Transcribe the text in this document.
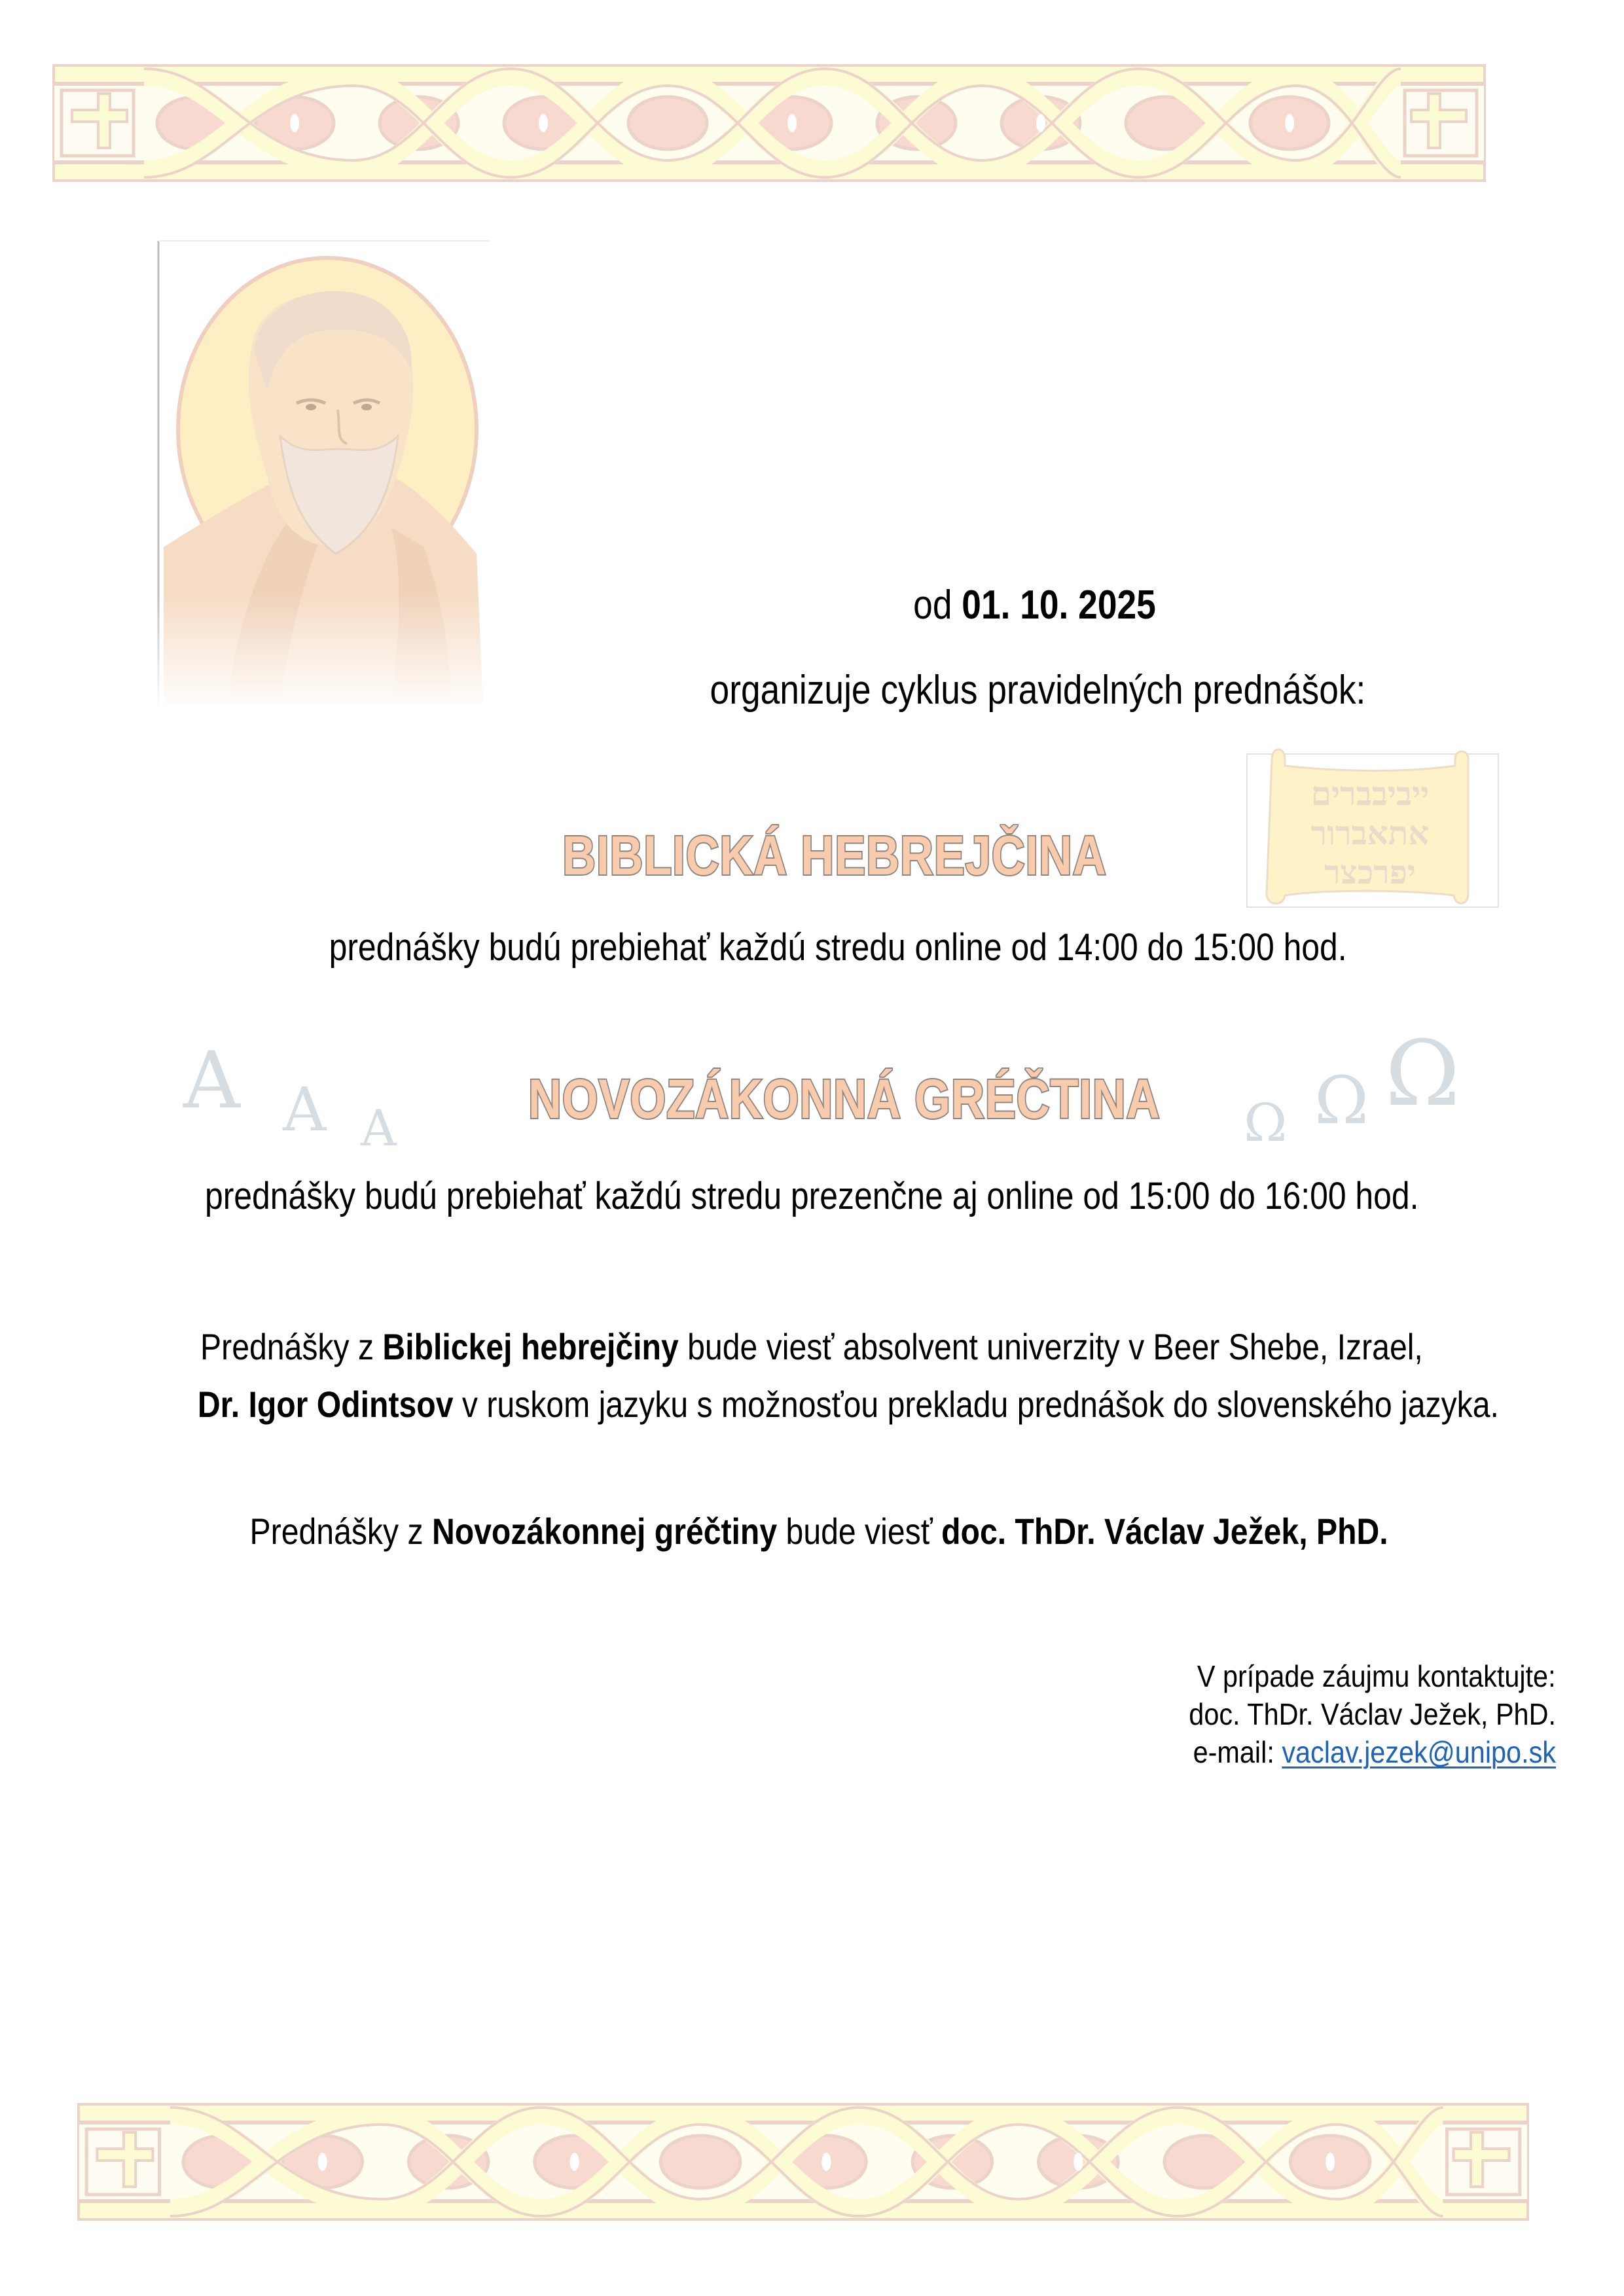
KATEDRA CIRKEVNÝCH DEJÍN
A BYZANTOLÓGIE
PBF PU V PREŠOVE
od 01. 10. 2025
organizuje cyklus pravidelných prednášok:
ייביבברים
אתאברור
יפרכצר
BIBLICKÁ HEBREJČINA
prednášky budú prebiehať každú stredu online od 14:00 do 15:00 hod.
A A A	NOVOZÁKONNÁ GRÉČTINA	Ω Ω Ω
prednášky budú prebiehať každú stredu prezenčne aj online od 15:00 do 16:00 hod.
Prednášky z Biblickej hebrejčiny bude viesť absolvent univerzity v Beer Shebe, Izrael,
Dr. Igor Odintsov v ruskom jazyku s možnosťou prekladu prednášok do slovenského jazyka.
Prednášky z Novozákonnej gréčtiny bude viesť doc. ThDr. Václav Ježek, PhD.
V prípade záujmu kontaktujte:
doc. ThDr. Václav Ježek, PhD.
e-mail: vaclav.jezek@unipo.sk
